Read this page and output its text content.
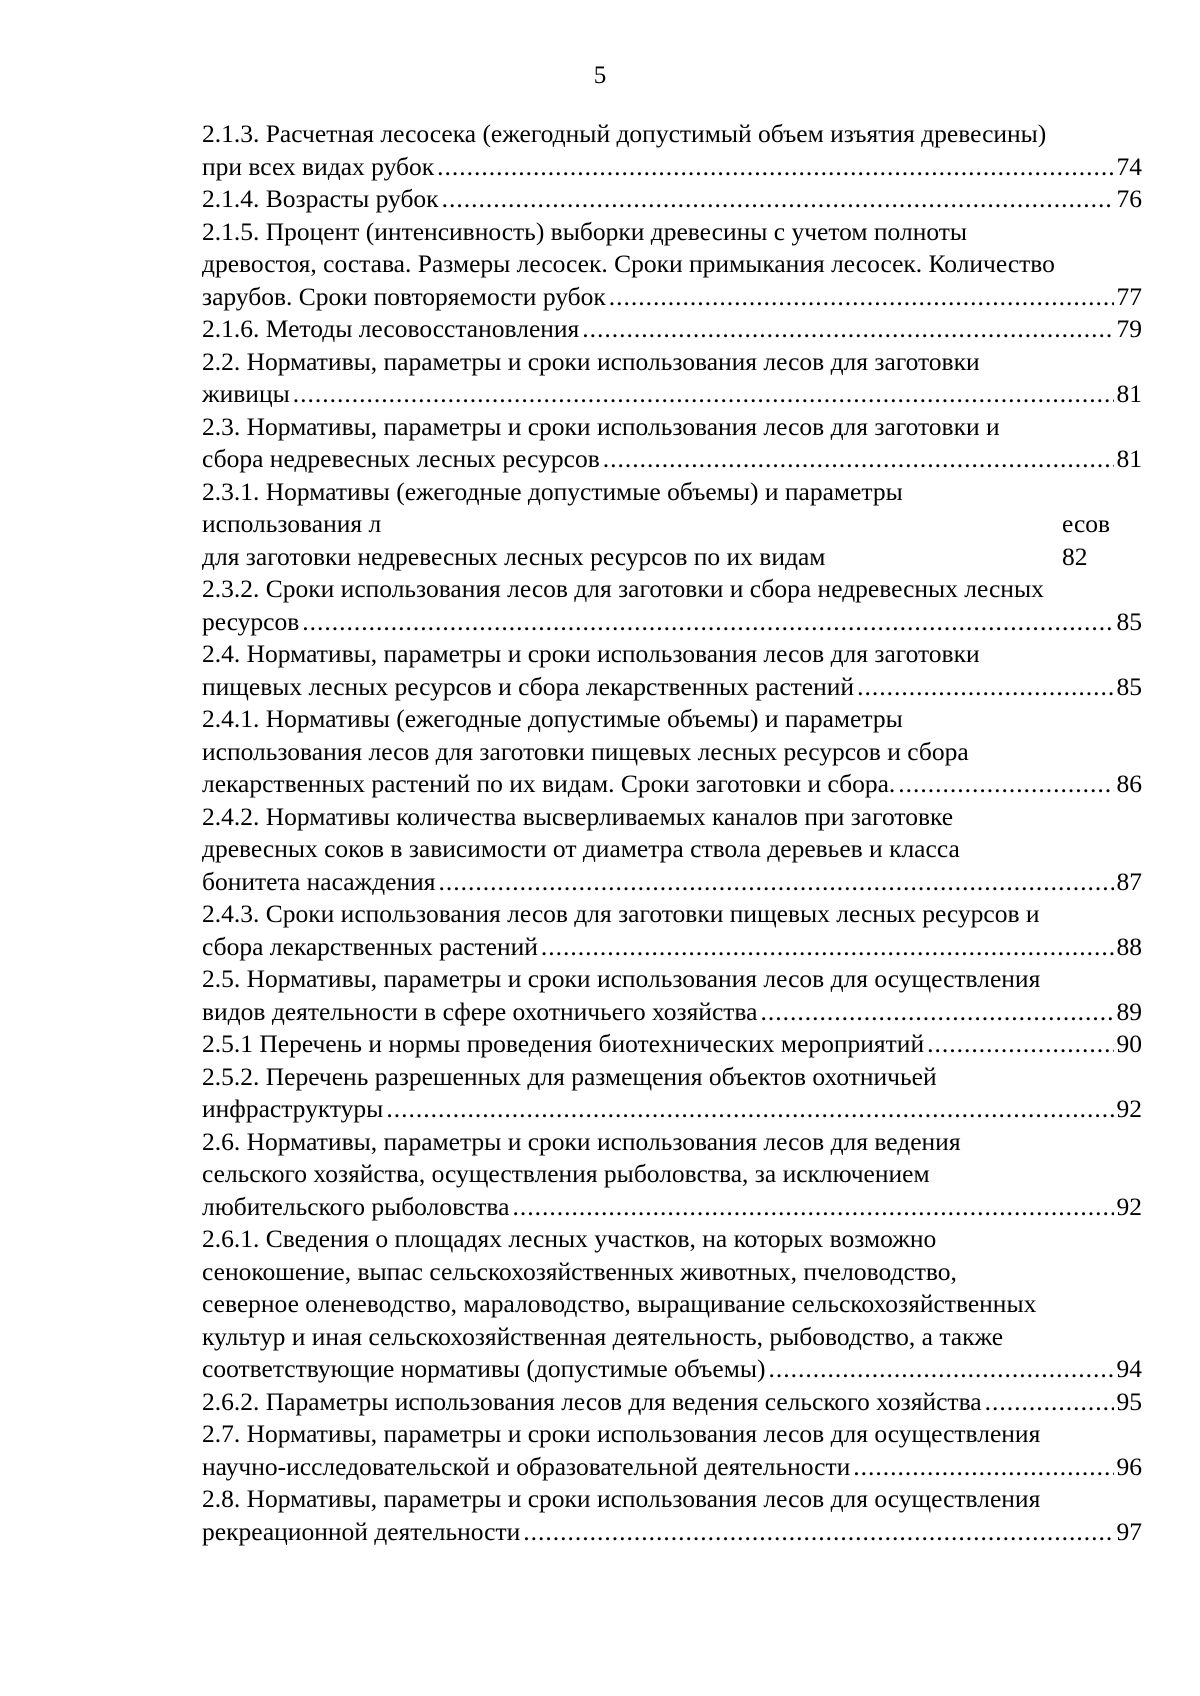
5
2.1.3. Расчетная лесосека (ежегодный допустимый объем изъятия древесины)
при всех видах рубок .....	74
2.1.4. Возрасты рубок .....	76
2.1.5. Процент (интенсивность) выборки древесины с учетом полноты
древостоя, состава. Размеры лесосек. Сроки примыкания лесосек. Количество
зарубов. Сроки повторяемости рубок .....	77
2.1.6. Методы лесовосстановления .....	79
2.2. Нормативы, параметры и сроки использования лесов для заготовки
живицы .....	81
2.3. Нормативы, параметры и сроки использования лесов для заготовки и
сбора недревесных лесных ресурсов .....	81
2.3.1. Нормативы (ежегодные допустимые объемы) и параметры
использования л	есов
для заготовки недревесных лесных ресурсов по их видам	82
2.3.2. Сроки использования лесов для заготовки и сбора недревесных лесных
ресурсов .....	85
2.4. Нормативы, параметры и сроки использования лесов для заготовки
пищевых лесных ресурсов и сбора лекарственных растений .....	85
2.4.1. Нормативы (ежегодные допустимые объемы) и параметры
использования лесов для заготовки пищевых лесных ресурсов и сбора
лекарственных растений по их видам. Сроки заготовки и сбора. .....	86
2.4.2. Нормативы количества высверливаемых каналов при заготовке
древесных соков в зависимости от диаметра ствола деревьев и класса
бонитета насаждения .....	87
2.4.3. Сроки использования лесов для заготовки пищевых лесных ресурсов и
сбора лекарственных растений .....	88
2.5. Нормативы, параметры и сроки использования лесов для осуществления
видов деятельности в сфере охотничьего хозяйства .....	89
2.5.1 Перечень и нормы проведения биотехнических мероприятий .....	90
2.5.2. Перечень разрешенных для размещения объектов охотничьей
инфраструктуры .....	92
2.6. Нормативы, параметры и сроки использования лесов для ведения
сельского хозяйства, осуществления рыболовства, за исключением
любительского рыболовства .....	92
2.6.1. Сведения о площадях лесных участков, на которых возможно
сенокошение, выпас сельскохозяйственных животных, пчеловодство,
северное оленеводство, мараловодство, выращивание сельскохозяйственных
культур и иная сельскохозяйственная деятельность, рыбоводство, а также
соответствующие нормативы (допустимые объемы) .....	94
2.6.2. Параметры использования лесов для ведения сельского хозяйства .....	95
2.7. Нормативы, параметры и сроки использования лесов для осуществления
научно-исследовательской и образовательной деятельности .....	96
2.8. Нормативы, параметры и сроки использования лесов для осуществления
рекреационной деятельности .....	97
